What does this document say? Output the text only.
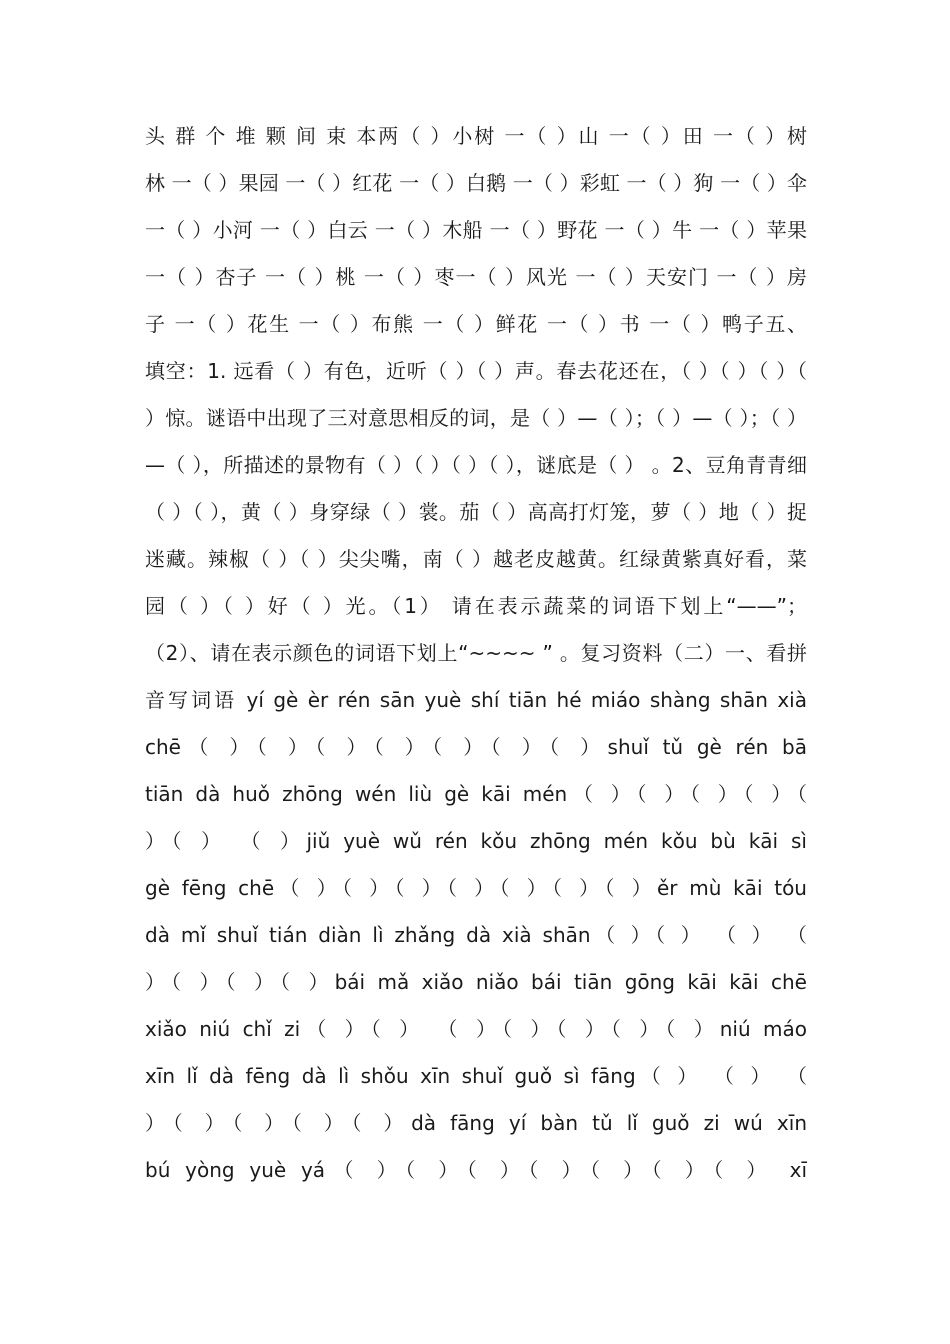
头 群 个 堆 颗 间 束 本两（ ）小树 一（ ）山 一（ ）田 一（ ）树
林 一（ ）果园 一（ ）红花 一（ ）白鹅 一（ ）彩虹 一（ ）狗 一（ ）伞
一（ ）小河 一（ ）白云 一（ ）木船 一（ ）野花 一（ ）牛 一（ ）苹果
一（ ）杏子 一（ ）桃 一（ ）枣一（ ）风光 一（ ）天安门 一（ ）房
子 一（ ）花生 一（ ）布熊 一（ ）鲜花 一（ ）书 一（ ）鸭子五、
填空：1. 远看（ ）有色，近听（ ）（ ）声。春去花还在，（ ）（ ）（ ）（
）惊。谜语中出现了三对意思相反的词，是（ ）—（ ）；（ ）—（ ）；（ ）
—（ ），所描述的景物有（ ）（ ）（ ）（ ），谜底是（ ） 。2、豆角青青细
（ ）（ ），黄（ ）身穿绿（ ）裳。茄（ ）高高打灯笼，萝（ ）地（ ）捉
迷藏。辣椒（ ）（ ）尖尖嘴，南（ ）越老皮越黄。红绿黄紫真好看，菜
园（ ）（ ）好（ ）光。（1） 请在表示蔬菜的词语下划上“——”；
（2）、请在表示颜色的词语下划上“~~~~ ” 。复习资料（二）一、看拼
音写词语 yí gè èr rén sān yuè shí tiān hé miáo shàng shān xià
chē（ ）（ ）（ ）（ ）（ ）（ ）（ ）shuǐ tǔ gè rén bā
tiān dà huǒ zhōng wén liù gè kāi mén（ ）（ ）（ ）（ ）（
）（ ） （ ）jiǔ yuè wǔ rén kǒu zhōng mén kǒu bù kāi sì
gè fēng chē（ ）（ ）（ ）（ ）（ ）（ ）（ ）ěr mù kāi tóu
dà mǐ shuǐ tián diàn lì zhǎng dà xià shān（ ）（ ） （ ） （
）（ ）（ ）（ ）bái mǎ xiǎo niǎo bái tiān gōng kāi kāi chē
xiǎo niú chǐ zi（ ）（ ） （ ）（ ）（ ）（ ）（ ）niú máo
xīn lǐ dà fēng dà lì shǒu xīn shuǐ guǒ sì fāng（ ） （ ） （
）（ ）（ ）（ ）（ ）dà fāng yí bàn tǔ lǐ guǒ zi wú xīn
bú yòng yuè yá（ ）（ ）（ ）（ ）（ ）（ ）（ ） xī
